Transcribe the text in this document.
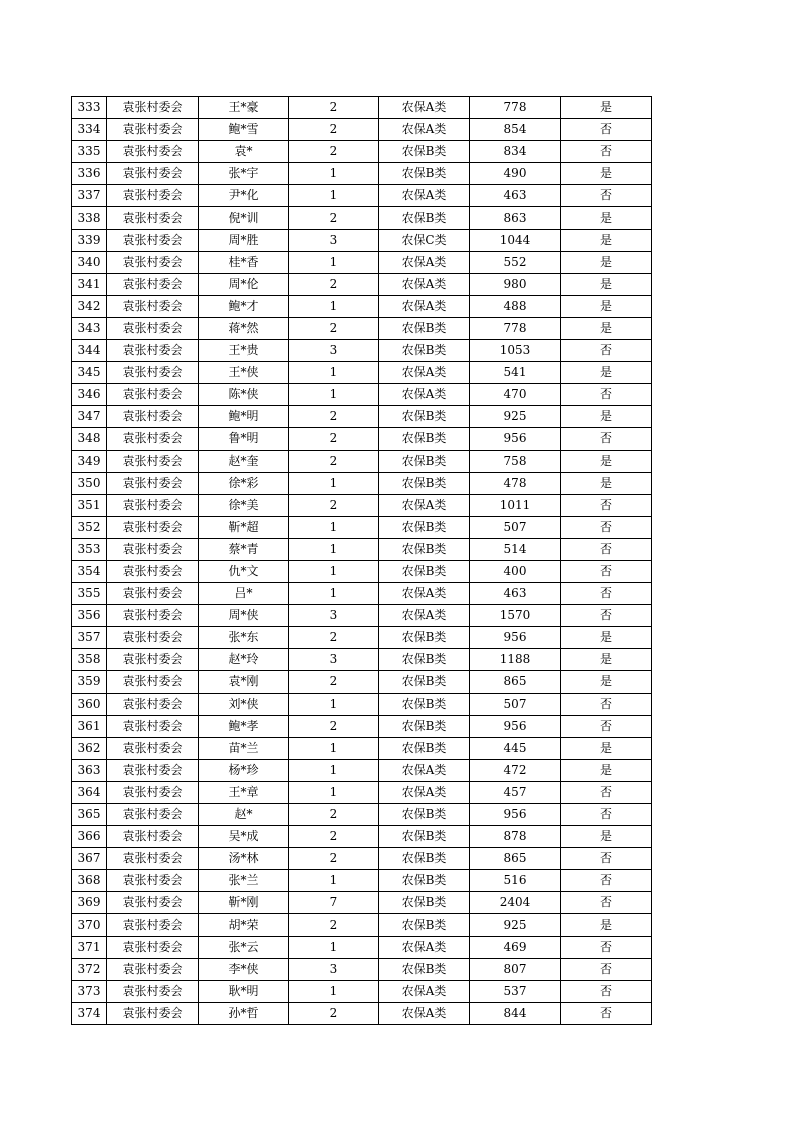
333	袁张村委会	王*豪	2	农保A类	778	是
334	袁张村委会	鲍*雪	2	农保A类	854	否
335	袁张村委会	袁*	2	农保B类	834	否
336	袁张村委会	张*宇	1	农保B类	490	是
337	袁张村委会	尹*化	1	农保A类	463	否
338	袁张村委会	倪*训	2	农保B类	863	是
339	袁张村委会	周*胜	3	农保C类	1044	是
340	袁张村委会	桂*香	1	农保A类	552	是
341	袁张村委会	周*伦	2	农保A类	980	是
342	袁张村委会	鲍*才	1	农保A类	488	是
343	袁张村委会	蒋*然	2	农保B类	778	是
344	袁张村委会	王*贵	3	农保B类	1053	否
345	袁张村委会	王*侠	1	农保A类	541	是
346	袁张村委会	陈*侠	1	农保A类	470	否
347	袁张村委会	鲍*明	2	农保B类	925	是
348	袁张村委会	鲁*明	2	农保B类	956	否
349	袁张村委会	赵*奎	2	农保B类	758	是
350	袁张村委会	徐*彩	1	农保B类	478	是
351	袁张村委会	徐*美	2	农保A类	1011	否
352	袁张村委会	靳*超	1	农保B类	507	否
353	袁张村委会	蔡*青	1	农保B类	514	否
354	袁张村委会	仇*文	1	农保B类	400	否
355	袁张村委会	吕*	1	农保A类	463	否
356	袁张村委会	周*侠	3	农保A类	1570	否
357	袁张村委会	张*东	2	农保B类	956	是
358	袁张村委会	赵*玲	3	农保B类	1188	是
359	袁张村委会	袁*刚	2	农保B类	865	是
360	袁张村委会	刘*侠	1	农保B类	507	否
361	袁张村委会	鲍*孝	2	农保B类	956	否
362	袁张村委会	苗*兰	1	农保B类	445	是
363	袁张村委会	杨*珍	1	农保A类	472	是
364	袁张村委会	王*章	1	农保A类	457	否
365	袁张村委会	赵*	2	农保B类	956	否
366	袁张村委会	吴*成	2	农保B类	878	是
367	袁张村委会	汤*林	2	农保B类	865	否
368	袁张村委会	张*兰	1	农保B类	516	否
369	袁张村委会	靳*刚	7	农保B类	2404	否
370	袁张村委会	胡*荣	2	农保B类	925	是
371	袁张村委会	张*云	1	农保A类	469	否
372	袁张村委会	李*侠	3	农保B类	807	否
373	袁张村委会	耿*明	1	农保A类	537	否
374	袁张村委会	孙*哲	2	农保A类	844	否
